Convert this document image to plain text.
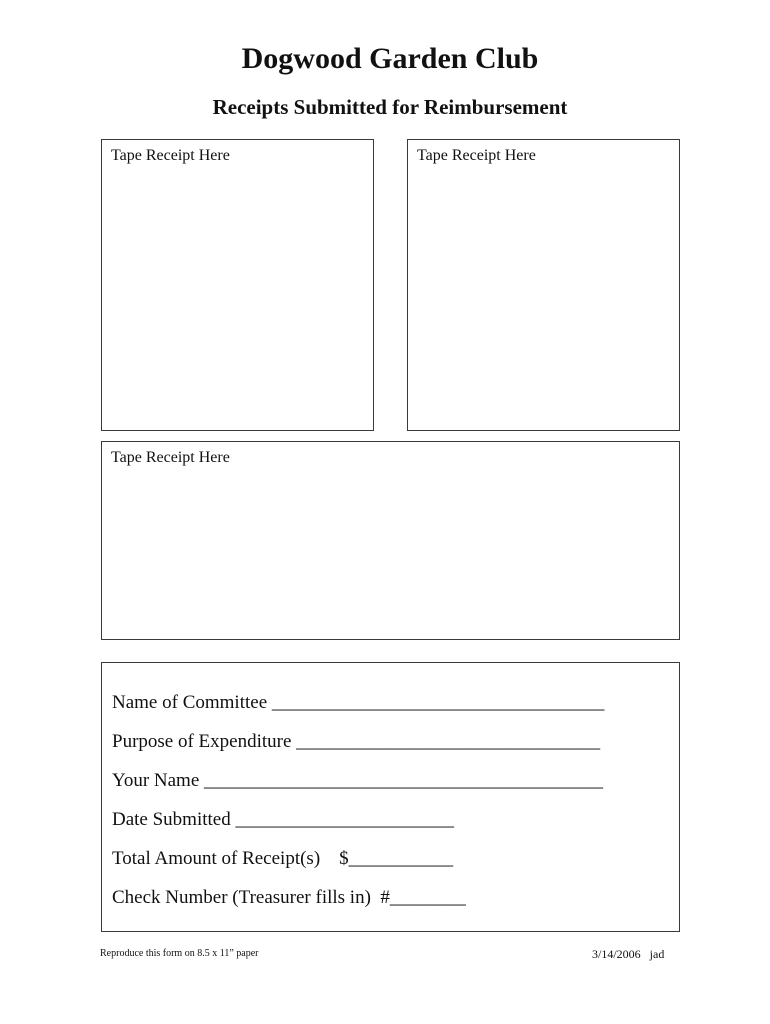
Dogwood Garden Club
Receipts Submitted for Reimbursement
Tape Receipt Here	Tape Receipt Here
Tape Receipt Here
Name of Committee ___________________________________
Purpose of Expenditure ________________________________
Your Name __________________________________________
Date Submitted _______________________
Total Amount of Receipt(s)    $___________
Check Number (Treasurer fills in)  #________
Reproduce this form on 8.5 x 11” paper	3/14/2006   jad
